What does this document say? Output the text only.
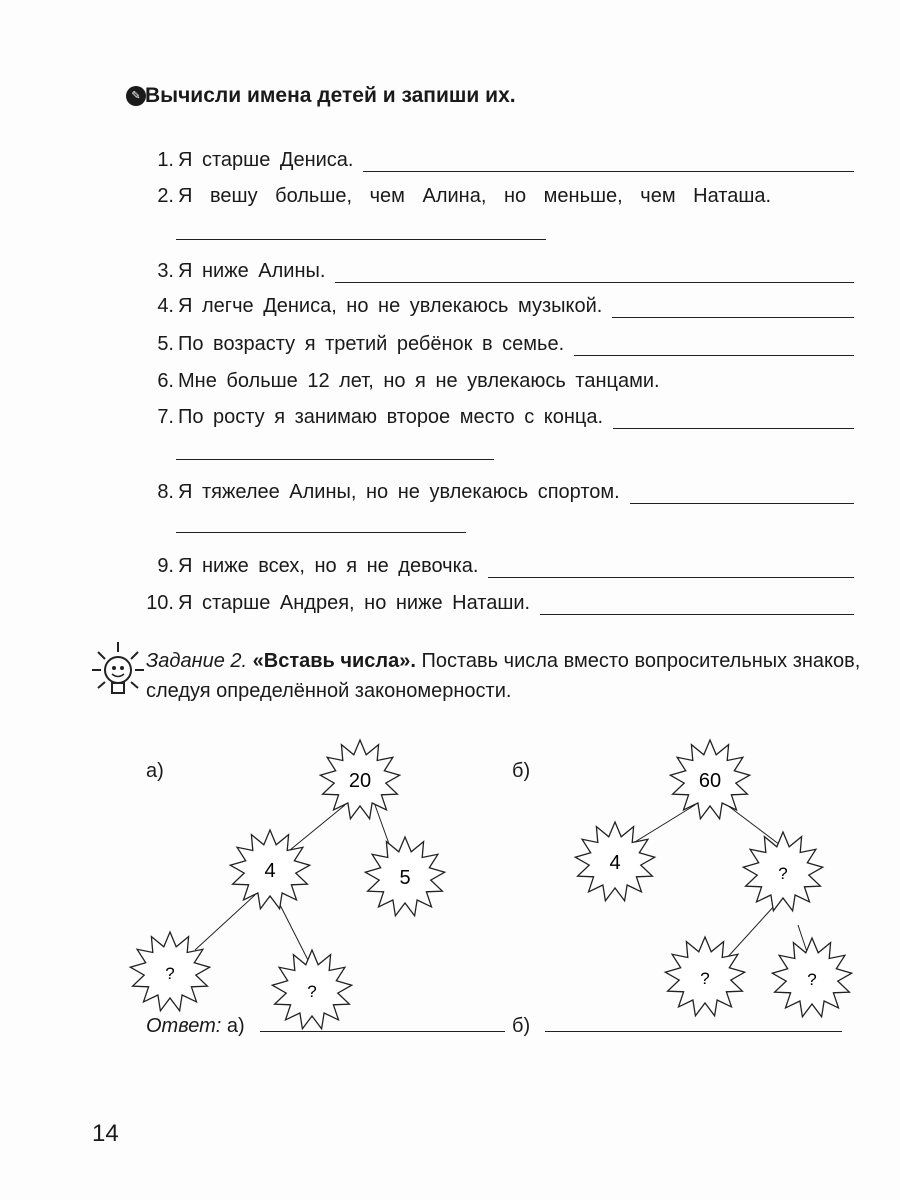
✎ Вычисли имена детей и запиши их.
1. Я старше Дениса.
2. Я вешу больше, чем Алина, но меньше, чем Наташа.
3. Я ниже Алины.
4. Я легче Дениса, но не увлекаюсь музыкой.
5. По возрасту я третий ребёнок в семье.
6. Мне больше 12 лет, но я не увлекаюсь танцами.
7. По росту я занимаю второе место с конца.
8. Я тяжелее Алины, но не увлекаюсь спортом.
9. Я ниже всех, но я не девочка.
10. Я старше Андрея, но ниже Наташи.
Задание 2. «Вставь числа». Поставь числа вместо вопросительных знаков, следуя определённой закономерности.
а)	б)
20
4	5
?
?
60
4	?
?	?
Ответ: а)	б)
14
